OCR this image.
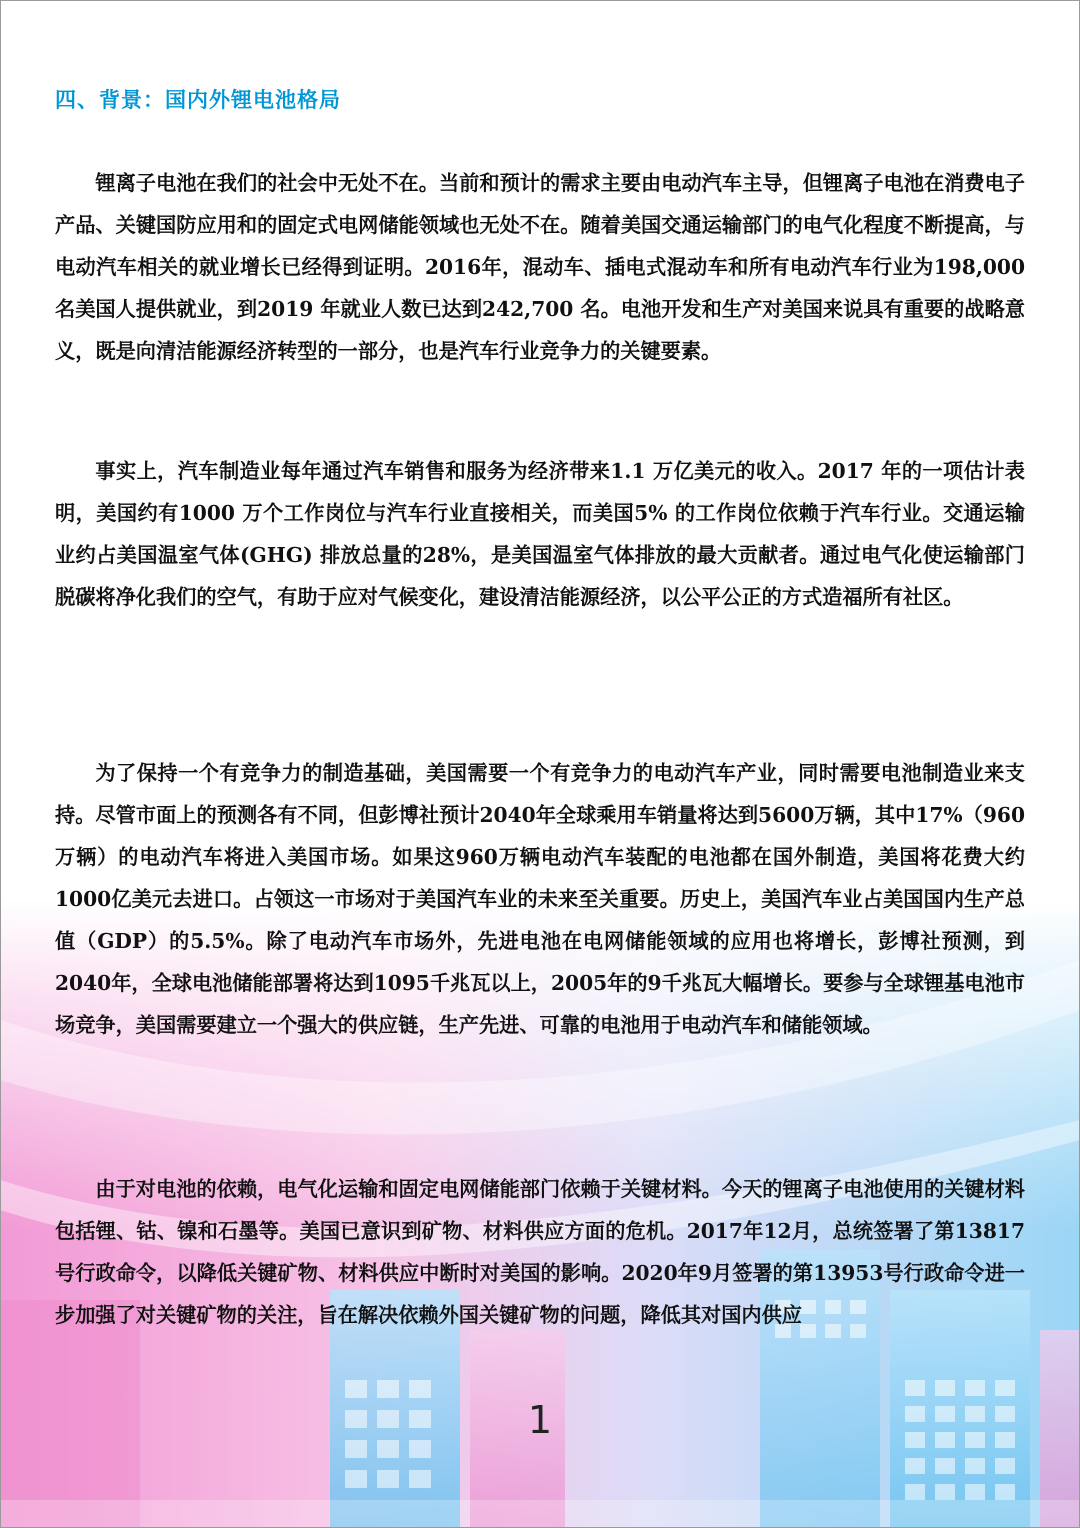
四、背景：国内外锂电池格局

锂离子电池在我们的社会中无处不在。当前和预计的需求主要由电动汽车主导，但锂离子电池在消费电子产品、关键国防应用和的固定式电网储能领域也无处不在。随着美国交通运输部门的电气化程度不断提高，与电动汽车相关的就业增长已经得到证明。2016年，混动车、插电式混动车和所有电动汽车行业为198,000名美国人提供就业，到2019 年就业人数已达到242,700 名。电池开发和生产对美国来说具有重要的战略意义，既是向清洁能源经济转型的一部分，也是汽车行业竞争力的关键要素。

事实上，汽车制造业每年通过汽车销售和服务为经济带来1.1 万亿美元的收入。2017 年的一项估计表明，美国约有1000 万个工作岗位与汽车行业直接相关，而美国5% 的工作岗位依赖于汽车行业。交通运输业约占美国温室气体(GHG) 排放总量的28%，是美国温室气体排放的最大贡献者。通过电气化使运输部门脱碳将净化我们的空气，有助于应对气候变化，建设清洁能源经济，以公平公正的方式造福所有社区。

为了保持一个有竞争力的制造基础，美国需要一个有竞争力的电动汽车产业，同时需要电池制造业来支持。尽管市面上的预测各有不同，但彭博社预计2040年全球乘用车销量将达到5600万辆，其中17%（960万辆）的电动汽车将进入美国市场。如果这960万辆电动汽车装配的电池都在国外制造，美国将花费大约1000亿美元去进口。占领这一市场对于美国汽车业的未来至关重要。历史上，美国汽车业占美国国内生产总值（GDP）的5.5%。除了电动汽车市场外，先进电池在电网储能领域的应用也将增长，彭博社预测，到2040年，全球电池储能部署将达到1095千兆瓦以上，2005年的9千兆瓦大幅增长。要参与全球锂基电池市场竞争，美国需要建立一个强大的供应链，生产先进、可靠的电池用于电动汽车和储能领域。

由于对电池的依赖，电气化运输和固定电网储能部门依赖于关键材料。今天的锂离子电池使用的关键材料包括锂、钴、镍和石墨等。美国已意识到矿物、材料供应方面的危机。2017年12月，总统签署了第13817号行政命令，以降低关键矿物、材料供应中断时对美国的影响。2020年9月签署的第13953号行政命令进一步加强了对关键矿物的关注，旨在解决依赖外国关键矿物的问题，降低其对国内供应

1
